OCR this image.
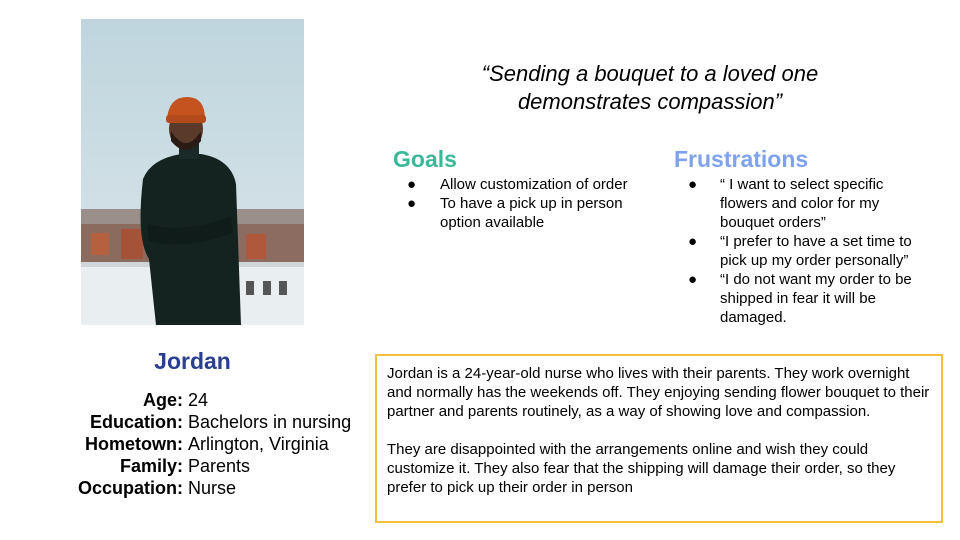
Jordan
Age: 24
Education: Bachelors in nursing
Hometown: Arlington, Virginia
Family: Parents
Occupation: Nurse
“Sending a bouquet to a loved one demonstrates compassion”
Goals
● Allow customization of order
● To have a pick up in person option available
Frustrations
● “ I want to select specific flowers and color for my bouquet orders”
● “I prefer to have a set time to pick up my order personally”
● “I do not want my order to be shipped in fear it will be damaged.

Jordan is a 24-year-old nurse who lives with their parents. They work overnight and normally has the weekends off. They enjoying sending flower bouquet to their partner and parents routinely, as a way of showing love and compassion.

They are disappointed with the arrangements online and wish they could customize it. They also fear that the shipping will damage their order, so they prefer to pick up their order in person
